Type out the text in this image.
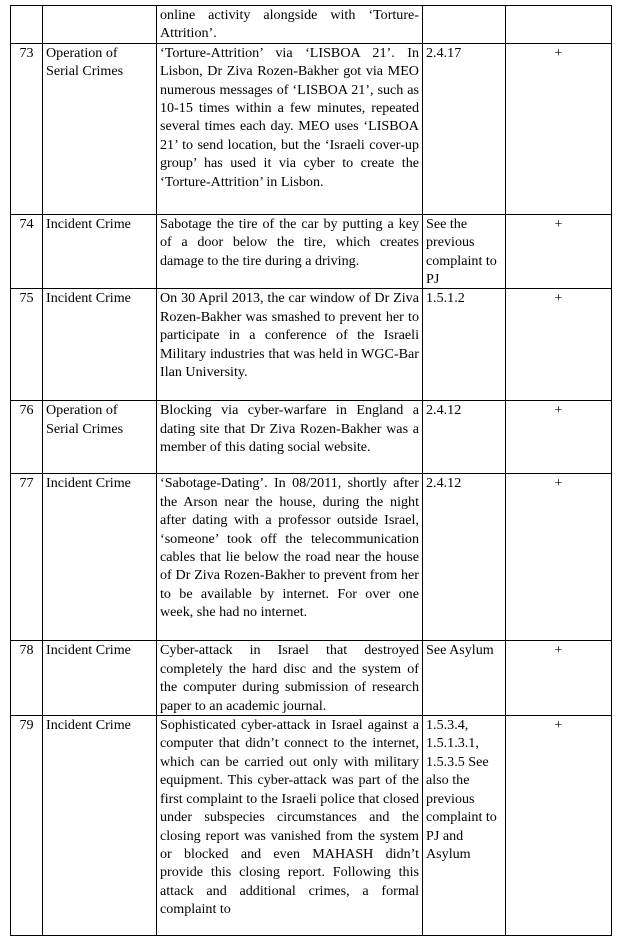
		online activity alongside with ‘Torture-Attrition’.		
73	Operation of Serial Crimes	‘Torture-Attrition’ via ‘LISBOA 21’. In Lisbon, Dr Ziva Rozen-Bakher got via MEO numerous messages of ‘LISBOA 21’, such as 10-15 times within a few minutes, repeated several times each day. MEO uses ‘LISBOA 21’ to send location, but the ‘Israeli cover-up group’ has used it via cyber to create the ‘Torture-Attrition’ in Lisbon.	2.4.17	+
74	Incident Crime	Sabotage the tire of the car by putting a key of a door below the tire, which creates damage to the tire during a driving.	See the previous complaint to PJ	+
75	Incident Crime	On 30 April 2013, the car window of Dr Ziva Rozen-Bakher was smashed to prevent her to participate in a conference of the Israeli Military industries that was held in WGC-Bar Ilan University.	1.5.1.2	+
76	Operation of Serial Crimes	Blocking via cyber-warfare in England a dating site that Dr Ziva Rozen-Bakher was a member of this dating social website.	2.4.12	+
77	Incident Crime	‘Sabotage-Dating’. In 08/2011, shortly after the Arson near the house, during the night after dating with a professor outside Israel, ‘someone’ took off the telecommunication cables that lie below the road near the house of Dr Ziva Rozen-Bakher to prevent from her to be available by internet. For over one week, she had no internet.	2.4.12	+
78	Incident Crime	Cyber-attack in Israel that destroyed completely the hard disc and the system of the computer during submission of research paper to an academic journal.	See Asylum	+
79	Incident Crime	Sophisticated cyber-attack in Israel against a computer that didn’t connect to the internet, which can be carried out only with military equipment. This cyber-attack was part of the first complaint to the Israeli police that closed under subspecies circumstances and the closing report was vanished from the system or blocked and even MAHASH didn’t provide this closing report. Following this attack and additional crimes, a formal complaint to	1.5.3.4, 1.5.1.3.1, 1.5.3.5 See also the previous complaint to PJ and Asylum	+
